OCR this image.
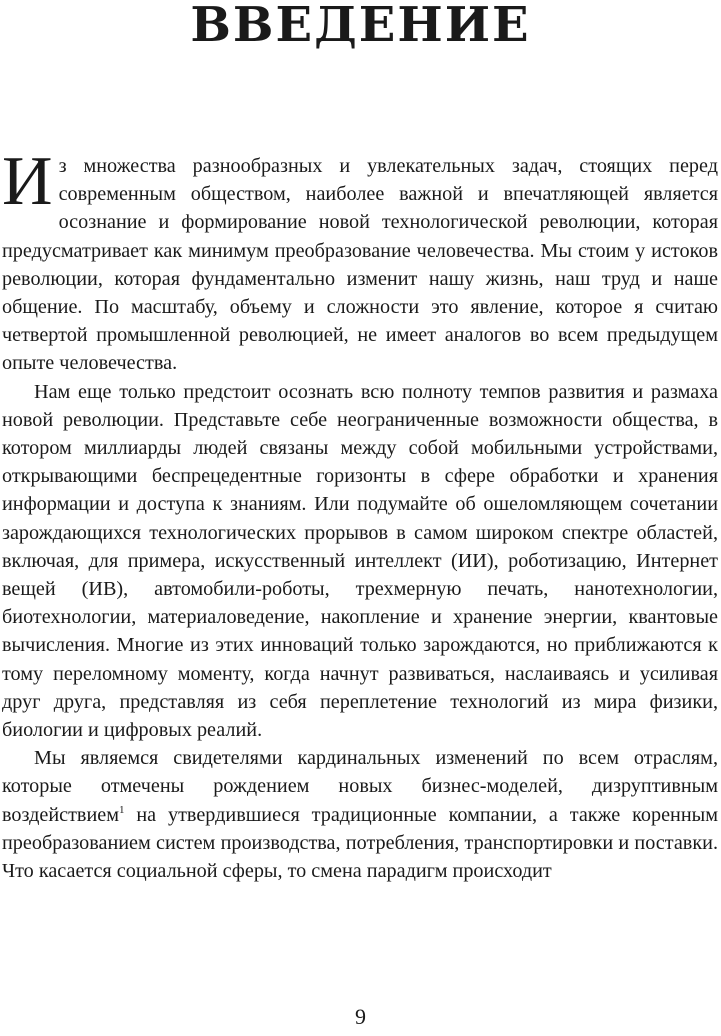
ВВЕДЕНИЕ

Из множества разнообразных и увлекательных задач, стоящих перед современным обществом, наиболее важной и впечатляющей является осознание и формирование новой технологической революции, которая предусматривает как минимум преобразование человечества. Мы стоим у истоков революции, которая фундаментально изменит нашу жизнь, наш труд и наше общение. По масштабу, объему и сложности это явление, которое я считаю четвертой промышленной революцией, не имеет аналогов во всем предыдущем опыте человечества.

Нам еще только предстоит осознать всю полноту темпов развития и размаха новой революции. Представьте себе неограниченные возможности общества, в котором миллиарды людей связаны между собой мобильными устройствами, открывающими беспрецедентные горизонты в сфере обработки и хранения информации и доступа к знаниям. Или подумайте об ошеломляющем сочетании зарождающихся технологических прорывов в самом широком спектре областей, включая, для примера, искусственный интеллект (ИИ), роботизацию, Интернет вещей (ИВ), автомобили-роботы, трехмерную печать, нанотехнологии, биотехнологии, материаловедение, накопление и хранение энергии, квантовые вычисления. Многие из этих инноваций только зарождаются, но приближаются к тому переломному моменту, когда начнут развиваться, наслаиваясь и усиливая друг друга, представляя из себя переплетение технологий из мира физики, биологии и цифровых реалий.

Мы являемся свидетелями кардинальных изменений по всем отраслям, которые отмечены рождением новых бизнес-моделей, дизруптивным воздействием$^1$ на утвердившиеся традиционные компании, а также коренным преобразованием систем производства, потребления, транспортировки и поставки. Что касается социальной сферы, то смена парадигм происходит

9
